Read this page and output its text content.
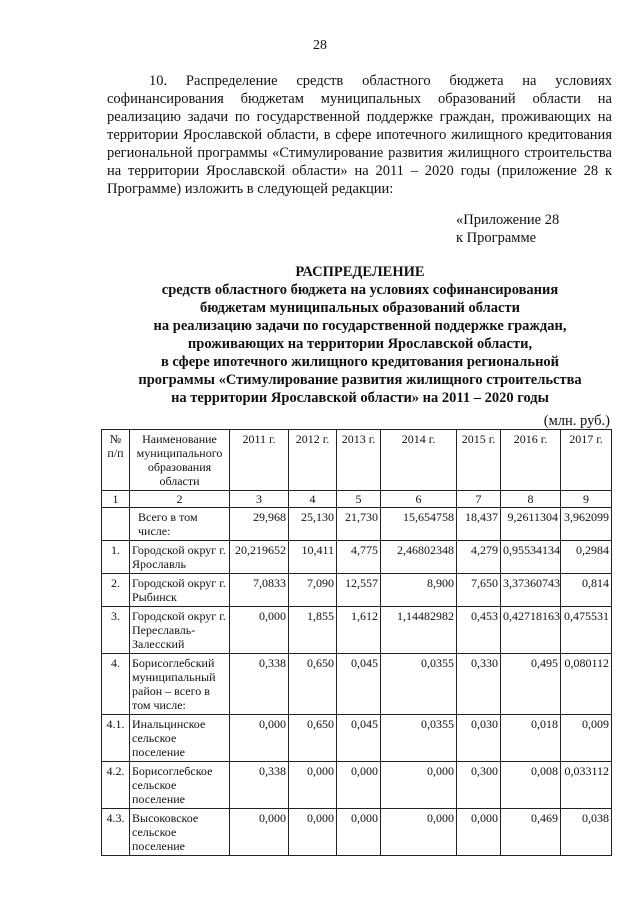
28

10. Распределение средств областного бюджета на условиях софинансирования бюджетам муниципальных образований области на реализацию задачи по государственной поддержке граждан, проживающих на территории Ярославской области, в сфере ипотечного жилищного кредитования региональной программы «Стимулирование развития жилищного строительства на территории Ярославской области» на 2011 – 2020 годы (приложение 28 к Программе) изложить в следующей редакции:

«Приложение 28
к Программе
РАСПРЕДЕЛЕНИЕ
средств областного бюджета на условиях софинансирования
бюджетам муниципальных образований области
на реализацию задачи по государственной поддержке граждан,
проживающих на территории Ярославской области,
в сфере ипотечного жилищного кредитования региональной
программы «Стимулирование развития жилищного строительства
на территории Ярославской области» на 2011 – 2020 годы
(млн. руб.)
№ п/п	Наименование муниципального образования области	2011 г.	2012 г.	2013 г.	2014 г.	2015 г.	2016 г.	2017 г.
1	2	3	4	5	6	7	8	9
	Всего в том числе:	29,968	25,130	21,730	15,654758	18,437	9,2611304	3,962099
1.	Городской округ г. Ярославль	20,219652	10,411	4,775	2,46802348	4,279	0,95534134	0,2984
2.	Городской округ г. Рыбинск	7,0833	7,090	12,557	8,900	7,650	3,37360743	0,814
3.	Городской округ г. Переславль-Залесский	0,000	1,855	1,612	1,14482982	0,453	0,42718163	0,475531
4.	Борисоглебский муниципальный район – всего в том числе:	0,338	0,650	0,045	0,0355	0,330	0,495	0,080112
4.1.	Инальцинское сельское поселение	0,000	0,650	0,045	0,0355	0,030	0,018	0,009
4.2.	Борисоглебское сельское поселение	0,338	0,000	0,000	0,000	0,300	0,008	0,033112
4.3.	Высоковское сельское поселение	0,000	0,000	0,000	0,000	0,000	0,469	0,038
